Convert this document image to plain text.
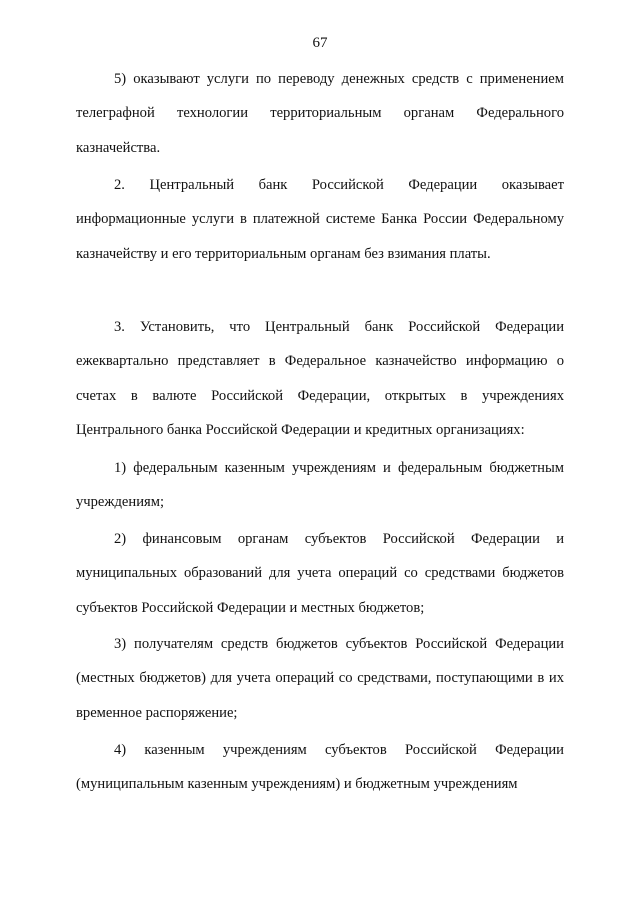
67

5) оказывают услуги по переводу денежных средств с применением телеграфной технологии территориальным органам Федерального казначейства.

2. Центральный банк Российской Федерации оказывает информационные услуги в платежной системе Банка России Федеральному казначейству и его территориальным органам без взимания платы.

3. Установить, что Центральный банк Российской Федерации ежеквартально представляет в Федеральное казначейство информацию о счетах в валюте Российской Федерации, открытых в учреждениях Центрального банка Российской Федерации и кредитных организациях:

1) федеральным казенным учреждениям и федеральным бюджетным учреждениям;

2) финансовым органам субъектов Российской Федерации и муниципальных образований для учета операций со средствами бюджетов субъектов Российской Федерации и местных бюджетов;

3) получателям средств бюджетов субъектов Российской Федерации (местных бюджетов) для учета операций со средствами, поступающими в их временное распоряжение;

4) казенным учреждениям субъектов Российской Федерации (муниципальным казенным учреждениям) и бюджетным учреждениям
